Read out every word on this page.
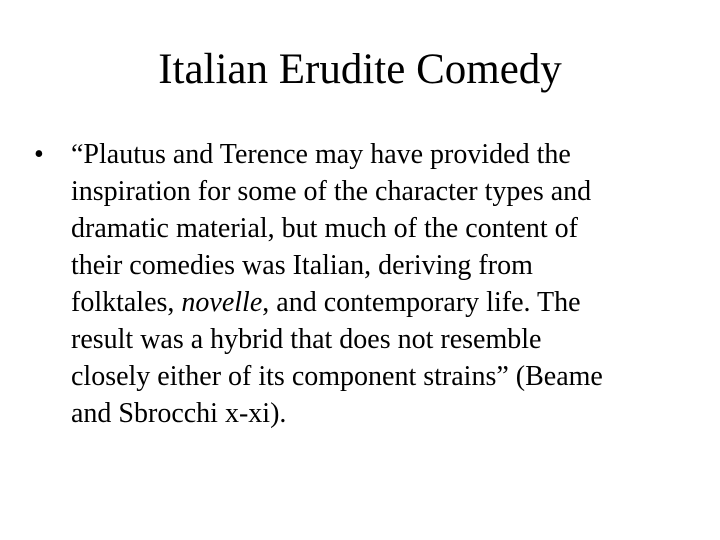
Italian Erudite Comedy
• “Plautus and Terence may have provided the
inspiration for some of the character types and
dramatic material, but much of the content of
their comedies was Italian, deriving from
folktales, novelle, and contemporary life. The
result was a hybrid that does not resemble
closely either of its component strains” (Beame
and Sbrocchi x-xi).
